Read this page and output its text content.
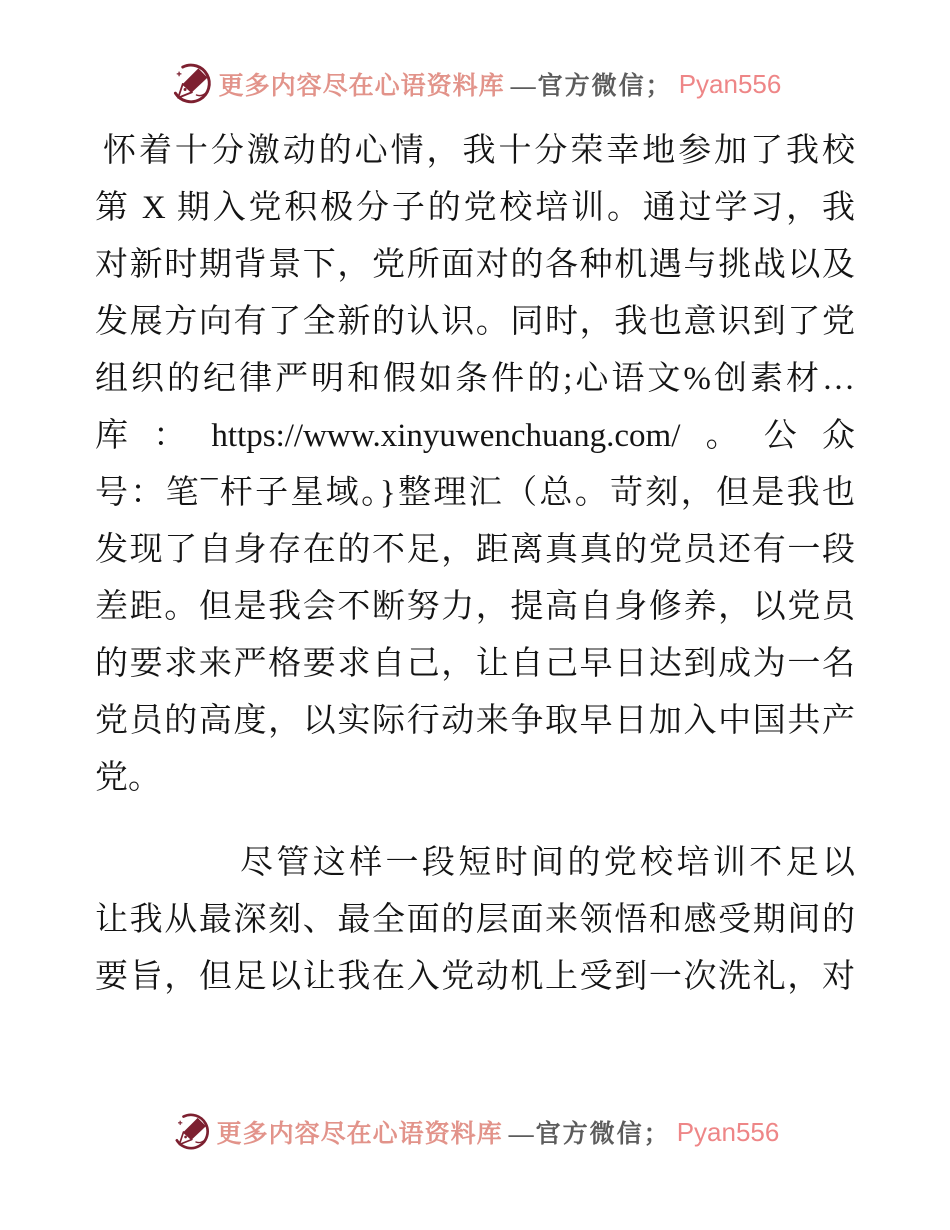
更多内容尽在心语资料库 —官方微信； Pyan556
怀着十分激动的心情，我十分荣幸地参加了我校
第 X 期入党积极分子的党校培训。通过学习，我
对新时期背景下，党所面对的各种机遇与挑战以及
发展方向有了全新的认识。同时，我也意识到了党
组织的纪律严明和假如条件的;心语文%创素材…
库：https://www.xinyuwenchuang.com/。公众
号：笔¯杆子星域。}整理汇（总。苛刻，但是我也
发现了自身存在的不足，距离真真的党员还有一段
差距。但是我会不断努力，提高自身修养，以党员
的要求来严格要求自己，让自己早日达到成为一名
党员的高度，以实际行动来争取早日加入中国共产
党。
尽管这样一段短时间的党校培训不足以
让我从最深刻、最全面的层面来领悟和感受期间的
要旨，但足以让我在入党动机上受到一次洗礼，对
更多内容尽在心语资料库 —官方微信； Pyan556
